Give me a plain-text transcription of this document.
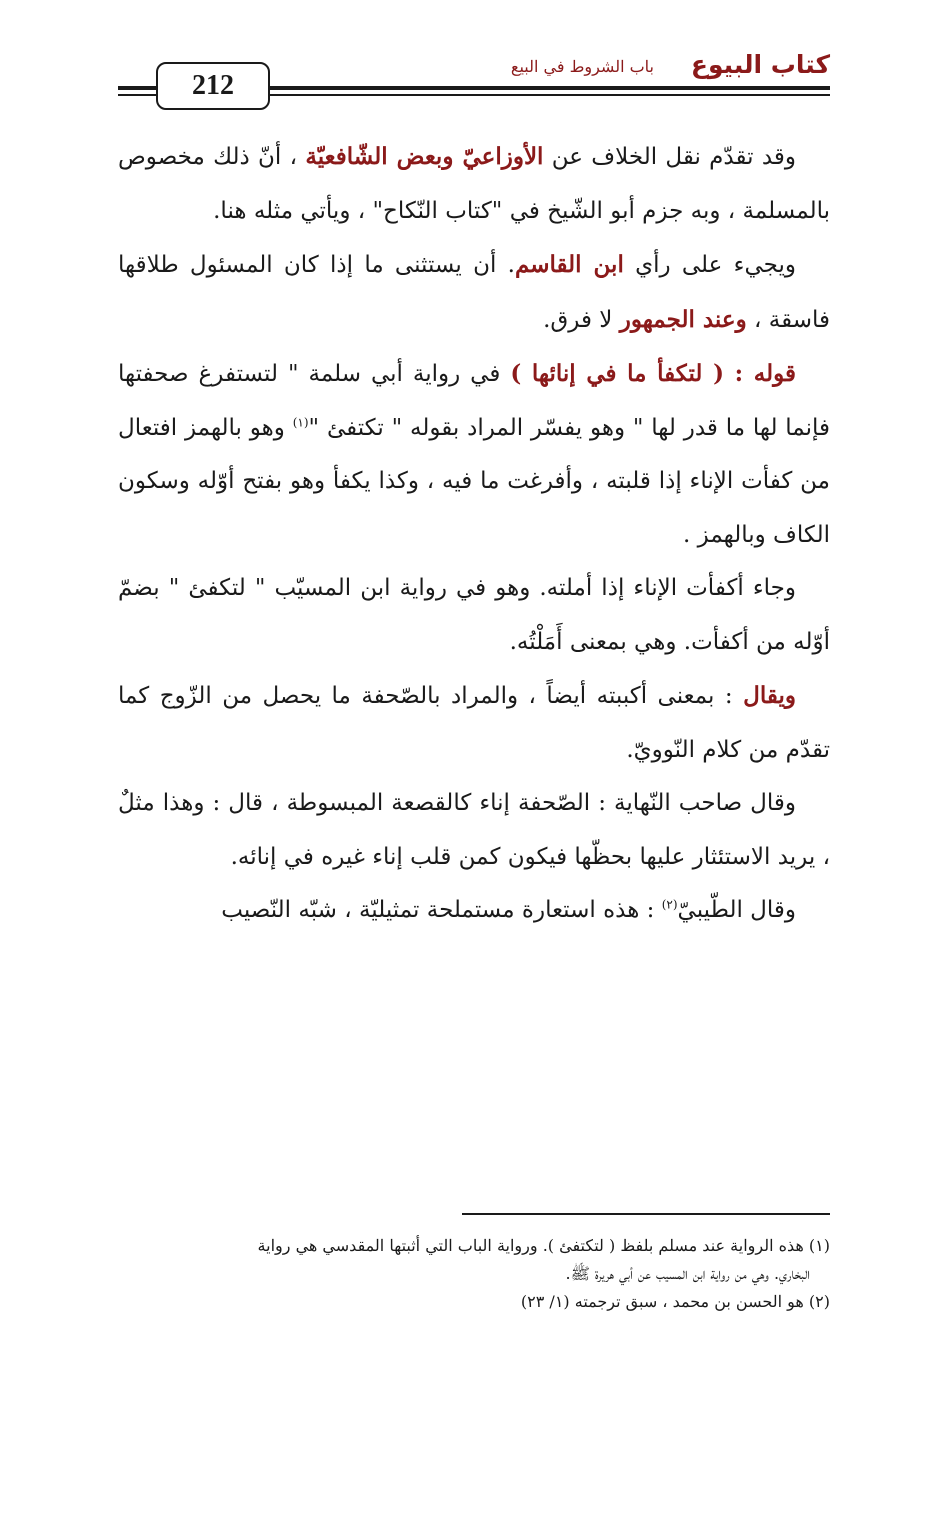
كتاب البيوع
باب الشروط في البيع
212

وقد تقدّم نقل الخلاف عن الأوزاعيّ وبعض الشّافعيّة ، أنّ ذلك مخصوص بالمسلمة ، وبه جزم أبو الشّيخ في "كتاب النّكاح" ، ويأتي مثله هنا.

ويجيء على رأي ابن القاسم. أن يستثنى ما إذا كان المسئول طلاقها فاسقة ، وعند الجمهور لا فرق.

قوله : ( لتكفأ ما في إنائها ) في رواية أبي سلمة " لتستفرغ صحفتها فإنما لها ما قدر لها " وهو يفسّر المراد بقوله " تكتفئ "$^{(١)}$ وهو بالهمز افتعال من كفأت الإناء إذا قلبته ، وأفرغت ما فيه ، وكذا يكفأ وهو بفتح أوّله وسكون الكاف وبالهمز .

وجاء أكفأت الإناء إذا أملته. وهو في رواية ابن المسيّب " لتكفئ " بضمّ أوّله من أكفأت. وهي بمعنى أَمَلْتُه.

ويقال : بمعنى أكببته أيضاً ، والمراد بالصّحفة ما يحصل من الزّوج كما تقدّم من كلام النّوويّ.

وقال صاحب النّهاية : الصّحفة إناء كالقصعة المبسوطة ، قال : وهذا مثلٌ ، يريد الاستئثار عليها بحظّها فيكون كمن قلب إناء غيره في إنائه.

وقال الطّيبيّ$^{(٢)}$ : هذه استعارة مستملحة تمثيليّة ، شبّه النّصيب

(١) هذه الرواية عند مسلم بلفظ ( لتكتفئ ). ورواية الباب التي أثبتها المقدسي هي رواية
البخاري. وهي من رواية ابن المسيب عن أبي هريرة ﷺ.

(٢) هو الحسن بن محمد ، سبق ترجمته (١/ ٢٣)
